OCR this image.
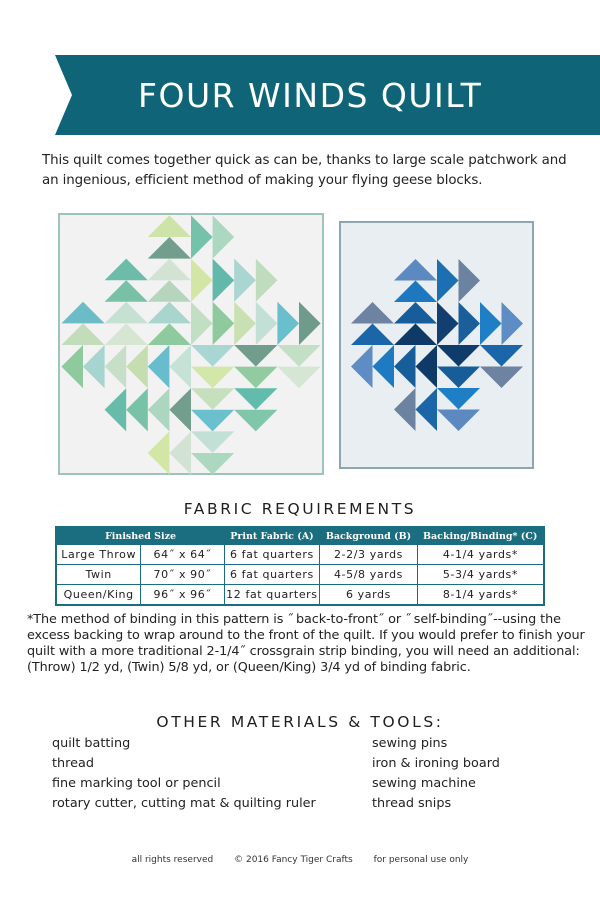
FOUR WINDS QUILT

This quilt comes together quick as can be, thanks to large scale patchwork and an ingenious, efficient method of making your flying geese blocks.

FABRIC REQUIREMENTS
Finished Size		Print Fabric (A)	Background (B)	Backing/Binding* (C)
Large Throw	64˝ x 64˝	6 fat quarters	2-2/3 yards	4-1/4 yards*
Twin	70˝ x 90˝	6 fat quarters	4-5/8 yards	5-3/4 yards*
Queen/King	96˝ x 96˝	12 fat quarters	6 yards	8-1/4 yards*

*The method of binding in this pattern is ˝ back-to-front˝ or ˝ self-binding˝--using the excess backing to wrap around to the front of the quilt. If you would prefer to finish your quilt with a more traditional 2-1/4˝ crossgrain strip binding, you will need an additional: (Throw) 1/2 yd, (Twin) 5/8 yd, or (Queen/King) 3/4 yd of binding fabric.

OTHER MATERIALS & TOOLS:
quilt batting
thread
fine marking tool or pencil
rotary cutter, cutting mat & quilting ruler
sewing pins
iron & ironing board
sewing machine
thread snips
all rights reserved © 2016 Fancy Tiger Crafts for personal use only
